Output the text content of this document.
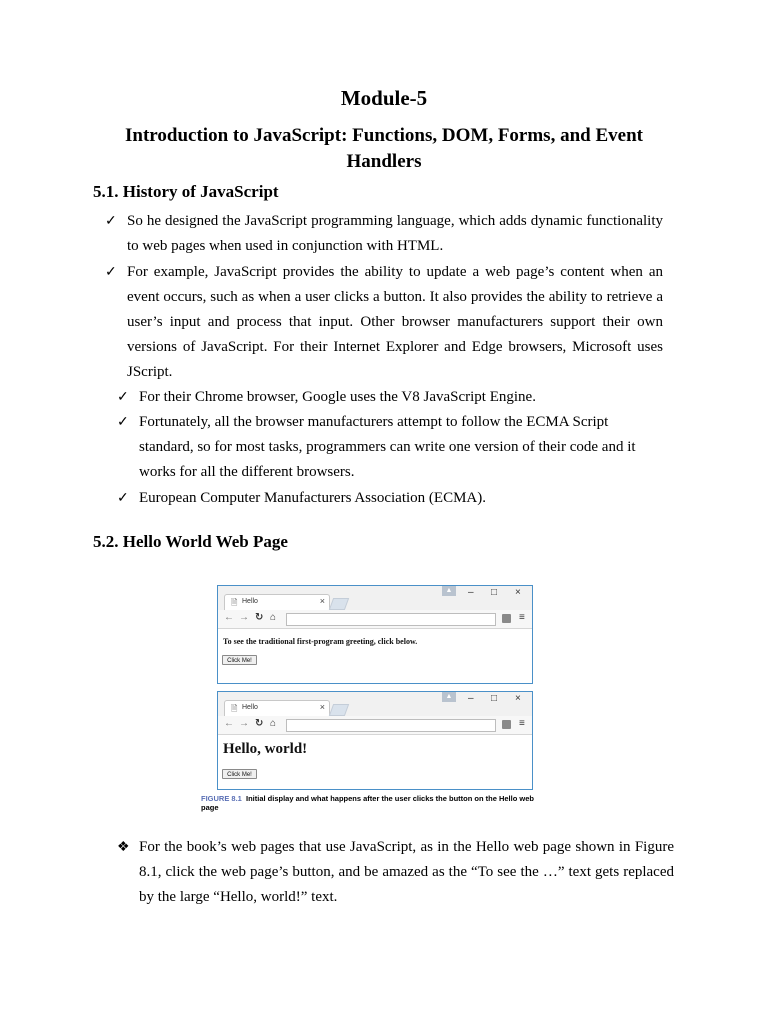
Module-5
Introduction to JavaScript: Functions, DOM, Forms, and Event Handlers
5.1. History of JavaScript
✓ So he designed the JavaScript programming language, which adds dynamic functionality to web pages when used in conjunction with HTML.
✓ For example, JavaScript provides the ability to update a web page’s content when an event occurs, such as when a user clicks a button. It also provides the ability to retrieve a user’s input and process that input. Other browser manufacturers support their own versions of JavaScript. For their Internet Explorer and Edge browsers, Microsoft uses JScript.
✓ For their Chrome browser, Google uses the V8 JavaScript Engine.
✓ Fortunately, all the browser manufacturers attempt to follow the ECMA Script standard, so for most tasks, programmers can write one version of their code and it works for all the different browsers.
✓ European Computer Manufacturers Association (ECMA).
5.2. Hello World Web Page
🗎 Hello	×
▲	– □ ×
← → ↻ ⌂	≡
To see the traditional first-program greeting, click below.
Click Me!
🗎 Hello	×
▲	– □ ×
← → ↻ ⌂	≡
Hello, world!
Click Me!
FIGURE 8.1 Initial display and what happens after the user clicks the button on the Hello web page
❖ For the book’s web pages that use JavaScript, as in the Hello web page shown in Figure 8.1, click the web page’s button, and be amazed as the “To see the …” text gets replaced by the large “Hello, world!” text.
